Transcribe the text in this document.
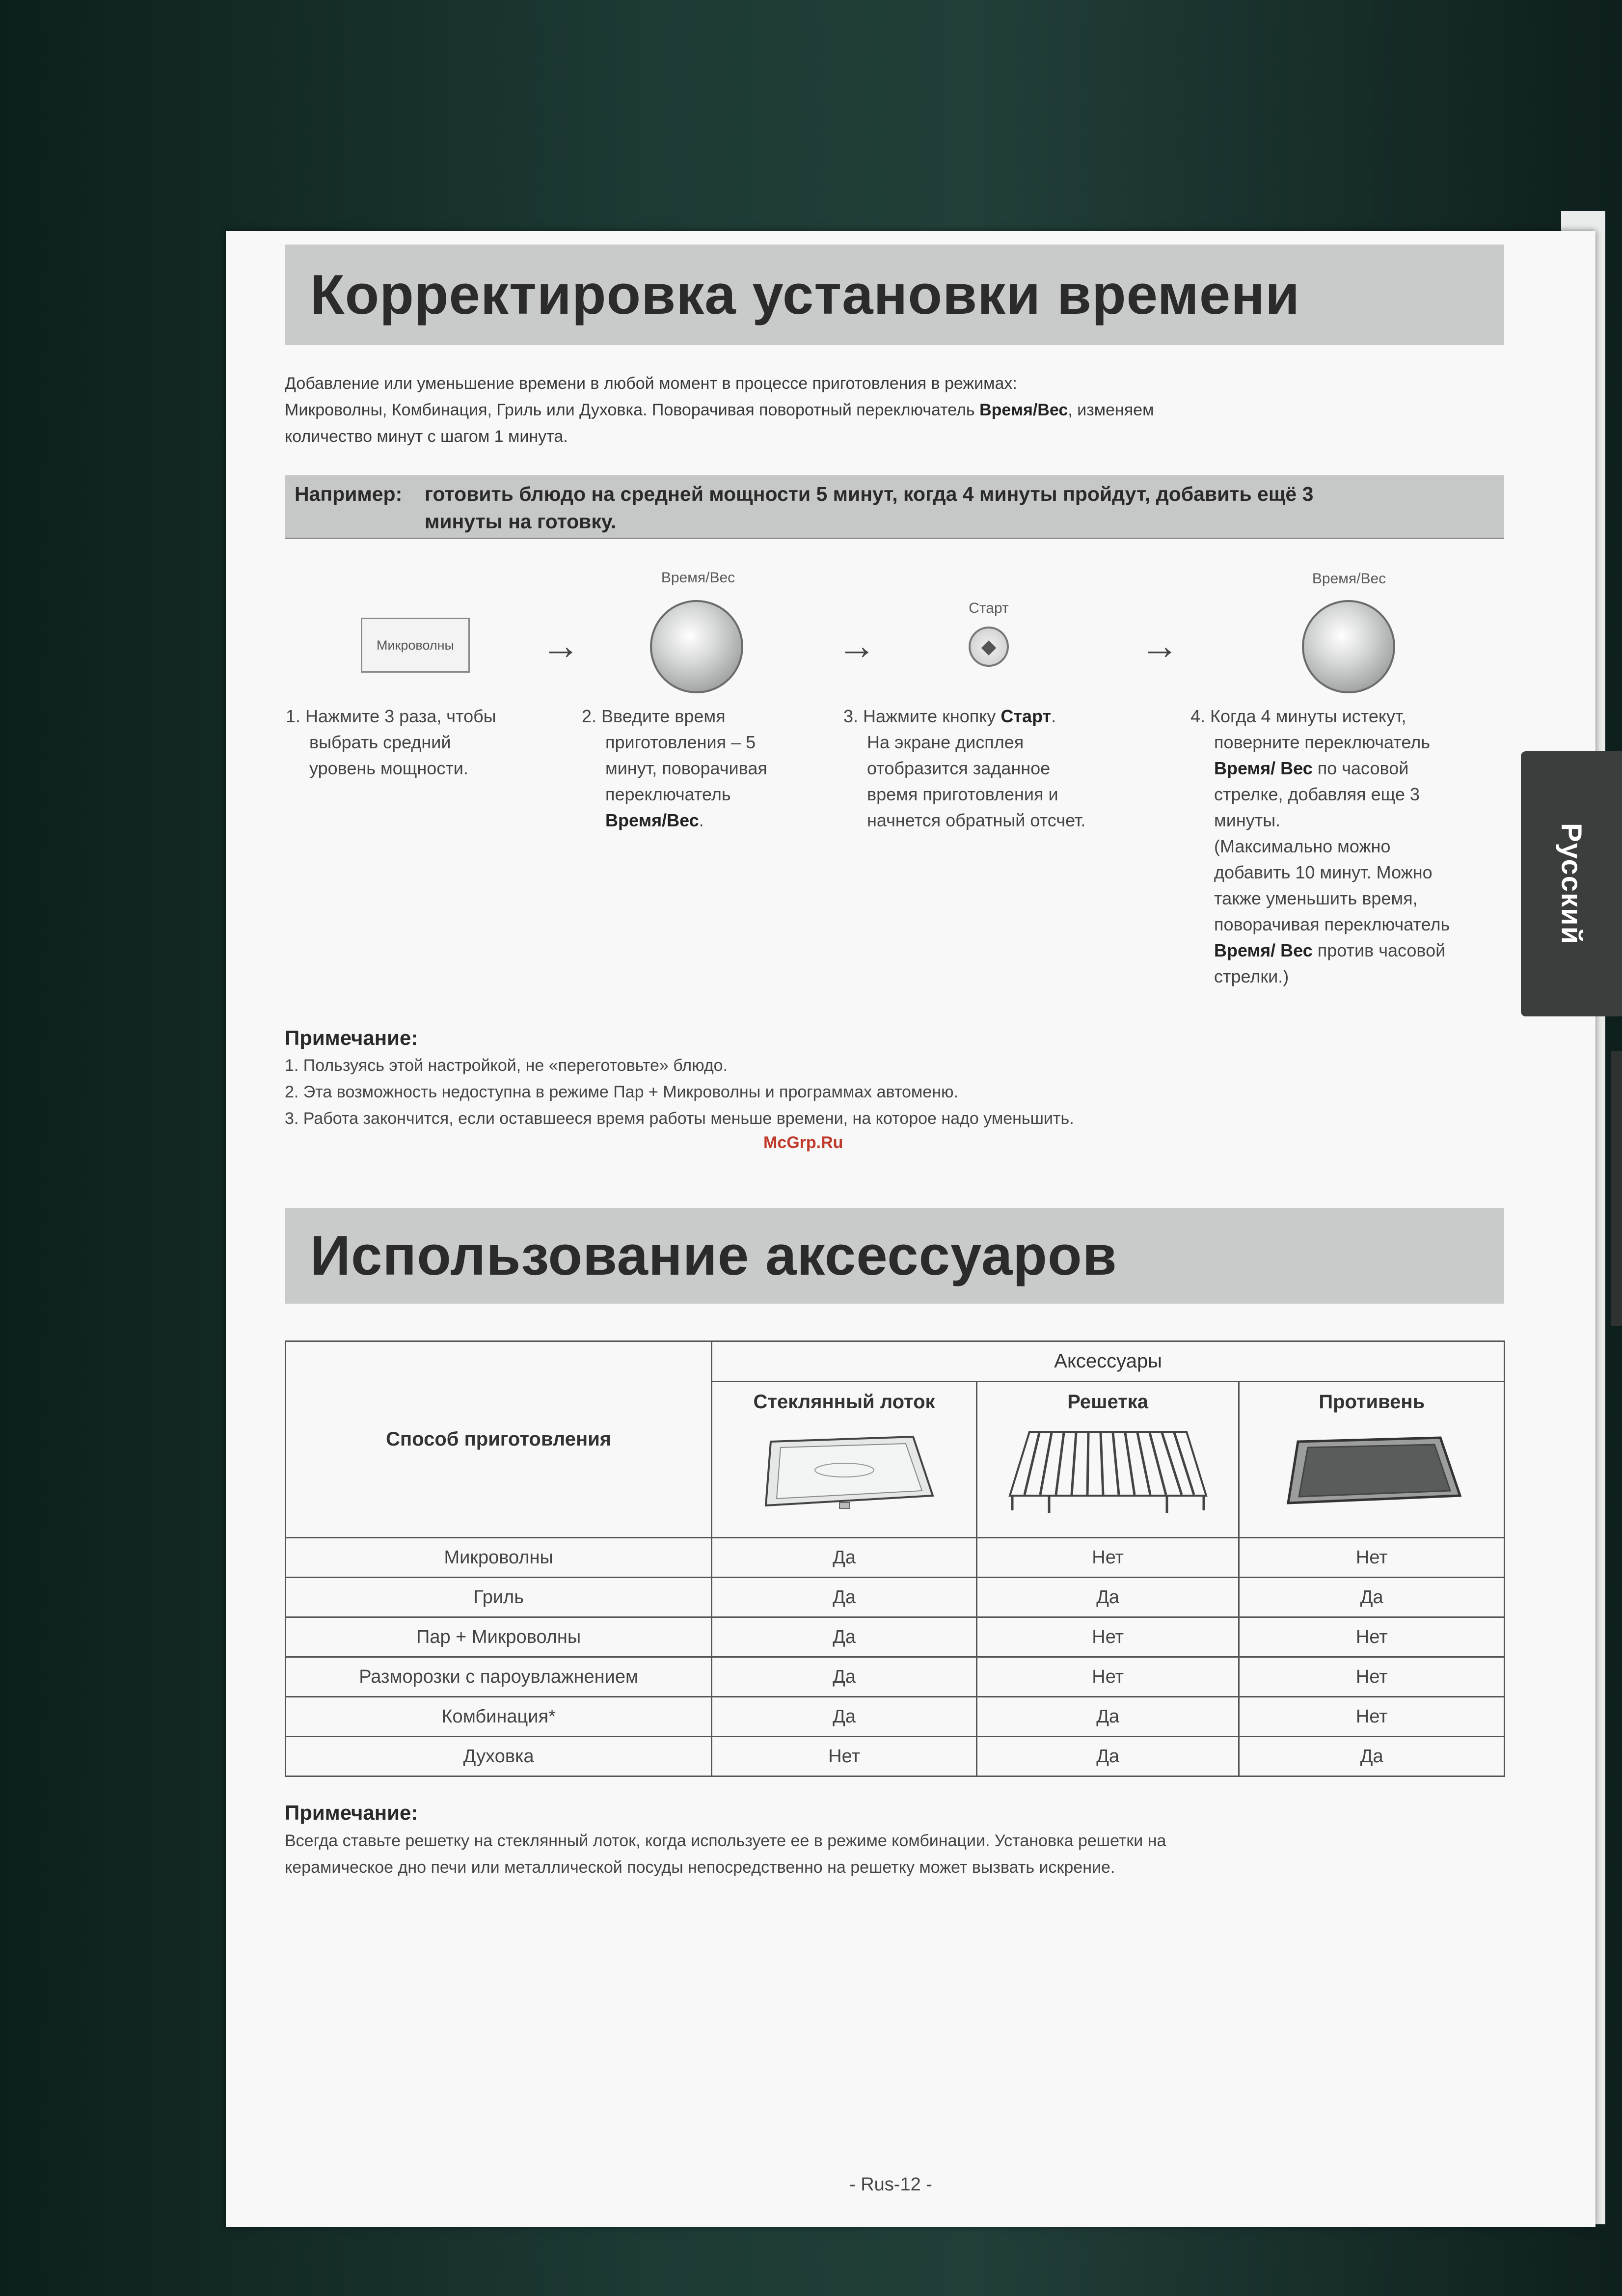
Русский
Корректировка установки времени
Добавление или уменьшение времени в любой момент в процессе приготовления в режимах:
Микроволны, Комбинация, Гриль или Духовка. Поворачивая поворотный переключатель Время/Вес, изменяем
количество минут с шагом 1 минута.
Например:	готовить блюдо на средней мощности 5 минут, когда 4 минуты пройдут, добавить ещё 3
минуты на готовку.
Микроволны →
Время/Вес
→
Старт
◆	→
Время/Вес
1. Нажмите 3 раза, чтобы
выбрать средний
уровень мощности.
2. Введите время
приготовления – 5
минут, поворачивая
переключатель
Время/Вес.
3. Нажмите кнопку Старт.
На экране дисплея
отобразится заданное
время приготовления и
начнется обратный отсчет.
4. Когда 4 минуты истекут,
поверните переключатель
Время/ Вес по часовой
стрелке, добавляя еще 3
минуты.
(Максимально можно
добавить 10 минут. Можно
также уменьшить время,
поворачивая переключатель
Время/ Вес против часовой
стрелки.)
Примечание:
1. Пользуясь этой настройкой, не «переготовьте» блюдо.
2. Эта возможность недоступна в режиме Пар + Микроволны и программах автоменю.
3. Работа закончится, если оставшееся время работы меньше времени, на которое надо уменьшить.
McGrp.Ru
Использование аксессуаров
Способ приготовления	Аксессуары		

	Стеклянный лоток	Решетка	Противень

Микроволны	Да	Нет	Нет
Гриль	Да	Да	Да
Пар + Микроволны	Да	Нет	Нет
Разморозки с пароувлажнением	Да	Нет	Нет
Комбинация*	Да	Да	Нет
Духовка	Нет	Да	Да
Примечание:
Всегда ставьте решетку на стеклянный лоток, когда используете ее в режиме комбинации. Установка решетки на
керамическое дно печи или металлической посуды непосредственно на решетку может вызвать искрение.
- Rus-12 -
